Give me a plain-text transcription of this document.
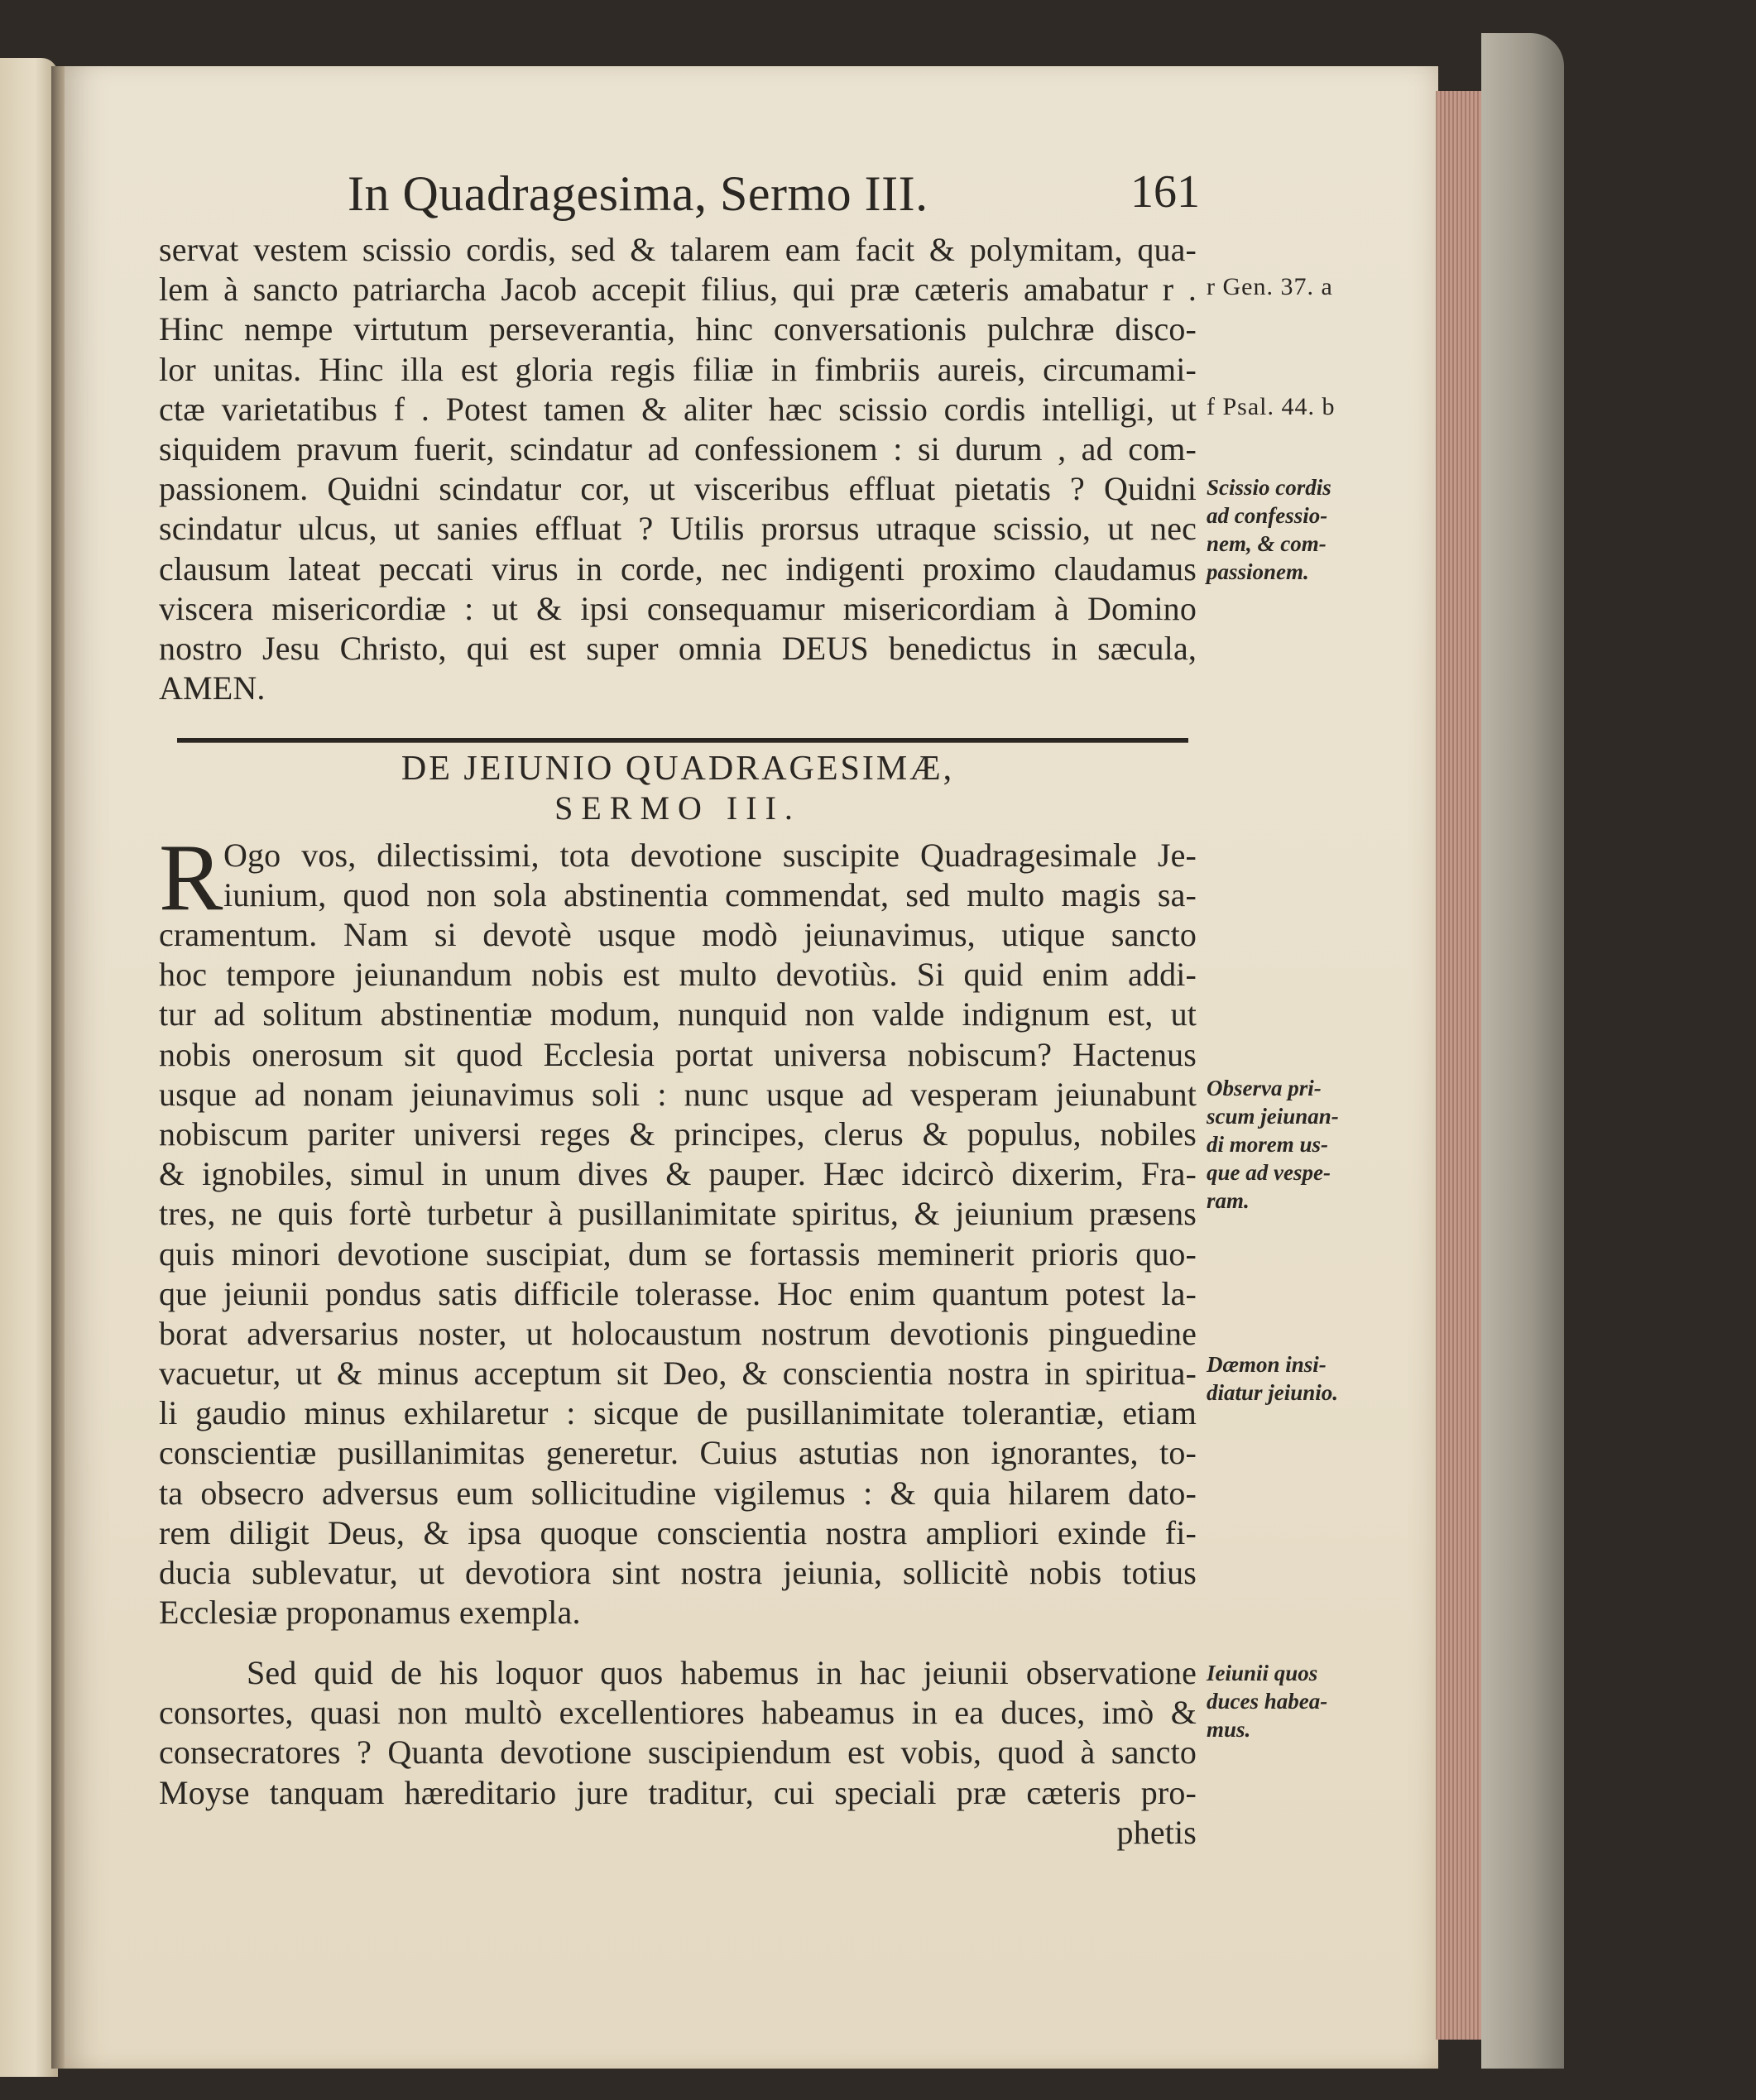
In Quadragesima, Sermo III.	161
servat vestem scissio cordis, sed & talarem eam facit & polymitam, qua-
lem à sancto patriarcha Jacob accepit filius, qui præ cæteris amabatur r .
Hinc nempe virtutum perseverantia, hinc conversationis pulchræ disco-
lor unitas. Hinc illa est gloria regis filiæ in fimbriis aureis, circumami-
ctæ varietatibus f . Potest tamen & aliter hæc scissio cordis intelligi, ut
siquidem pravum fuerit, scindatur ad confessionem : si durum , ad com-
passionem. Quidni scindatur cor, ut visceribus effluat pietatis ? Quidni
scindatur ulcus, ut sanies effluat ? Utilis prorsus utraque scissio, ut nec
clausum lateat peccati virus in corde, nec indigenti proximo claudamus
viscera misericordiæ : ut & ipsi consequamur misericordiam à Domino
nostro Jesu Christo, qui est super omnia DEUS benedictus in sæcula,
AMEN.
DE JEIUNIO QUADRAGESIMÆ,
SERMO III.
R Ogo vos, dilectissimi, tota devotione suscipite Quadragesimale Je-
iunium, quod non sola abstinentia commendat, sed multo magis sa-
cramentum. Nam si devotè usque modò jeiunavimus, utique sancto
hoc tempore jeiunandum nobis est multo devotiùs. Si quid enim addi-
tur ad solitum abstinentiæ modum, nunquid non valde indignum est, ut
nobis onerosum sit quod Ecclesia portat universa nobiscum? Hactenus
usque ad nonam jeiunavimus soli : nunc usque ad vesperam jeiunabunt
nobiscum pariter universi reges & principes, clerus & populus, nobiles
& ignobiles, simul in unum dives & pauper. Hæc idcircò dixerim, Fra-
tres, ne quis fortè turbetur à pusillanimitate spiritus, & jeiunium præsens
quis minori devotione suscipiat, dum se fortassis meminerit prioris quo-
que jeiunii pondus satis difficile tolerasse. Hoc enim quantum potest la-
borat adversarius noster, ut holocaustum nostrum devotionis pinguedine
vacuetur, ut & minus acceptum sit Deo, & conscientia nostra in spiritua-
li gaudio minus exhilaretur : sicque de pusillanimitate tolerantiæ, etiam
conscientiæ pusillanimitas generetur. Cuius astutias non ignorantes, to-
ta obsecro adversus eum sollicitudine vigilemus : & quia hilarem dato-
rem diligit Deus, & ipsa quoque conscientia nostra ampliori exinde fi-
ducia sublevatur, ut devotiora sint nostra jeiunia, sollicitè nobis totius
Ecclesiæ proponamus exempla.
Sed quid de his loquor quos habemus in hac jeiunii observatione
consortes, quasi non multò excellentiores habeamus in ea duces, imò &
consecratores ? Quanta devotione suscipiendum est vobis, quod à sancto
Moyse tanquam hæreditario jure traditur, cui speciali præ cæteris pro-
phetis
r Gen. 37. a
f Psal. 44. b
Scissio cordis
ad confessio-
nem, & com-
passionem.
Observa pri-
scum jeiunan-
di morem us-
que ad vespe-
ram.
Dæmon insi-
diatur jeiunio.
Ieiunii quos
duces habea-
mus.
